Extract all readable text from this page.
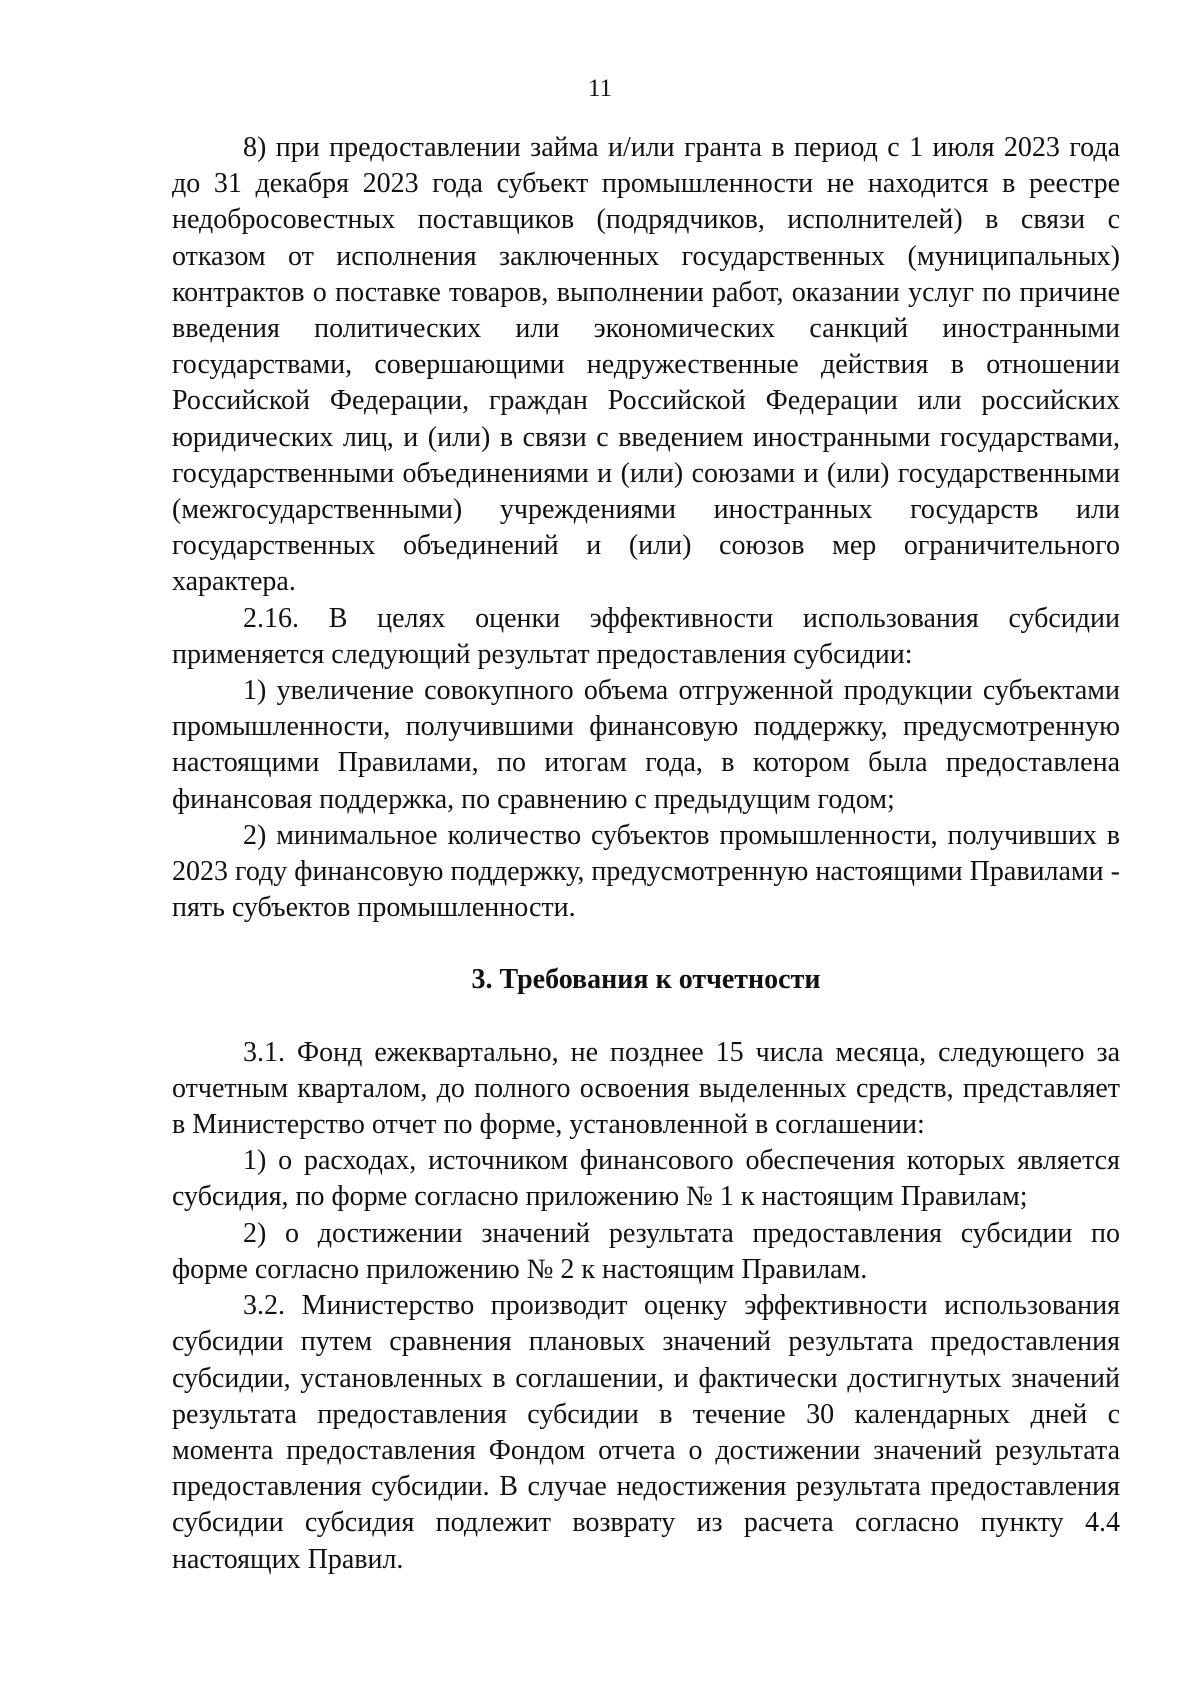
11

8) при предоставлении займа и/или гранта в период с 1 июля 2023 года до 31 декабря 2023 года субъект промышленности не находится в реестре недобросовестных поставщиков (подрядчиков, исполнителей) в связи с отказом от исполнения заключенных государственных (муниципальных) контрактов о поставке товаров, выполнении работ, оказании услуг по причине введения политических или экономических санкций иностранными государствами, совершающими недружественные действия в отношении Российской Федерации, граждан Российской Федерации или российских юридических лиц, и (или) в связи с введением иностранными государствами, государственными объединениями и (или) союзами и (или) государственными (межгосударственными) учреждениями иностранных государств или государственных объединений и (или) союзов мер ограничительного характера.

2.16. В целях оценки эффективности использования субсидии применяется следующий результат предоставления субсидии:

1) увеличение совокупного объема отгруженной продукции субъектами промышленности, получившими финансовую поддержку, предусмотренную настоящими Правилами, по итогам года, в котором была предоставлена финансовая поддержка, по сравнению с предыдущим годом;

2) минимальное количество субъектов промышленности, получивших в 2023 году финансовую поддержку, предусмотренную настоящими Правилами - пять субъектов промышленности.

3. Требования к отчетности

3.1. Фонд ежеквартально, не позднее 15 числа месяца, следующего за отчетным кварталом, до полного освоения выделенных средств, представляет в Министерство отчет по форме, установленной в соглашении:

1) о расходах, источником финансового обеспечения которых является субсидия, по форме согласно приложению № 1 к настоящим Правилам;

2) о достижении значений результата предоставления субсидии по форме согласно приложению № 2 к настоящим Правилам.

3.2. Министерство производит оценку эффективности использования субсидии путем сравнения плановых значений результата предоставления субсидии, установленных в соглашении, и фактически достигнутых значений результата предоставления субсидии в течение 30 календарных дней с момента предоставления Фондом отчета о достижении значений результата предоставления субсидии. В случае недостижения результата предоставления субсидии субсидия подлежит возврату из расчета согласно пункту 4.4 настоящих Правил.
